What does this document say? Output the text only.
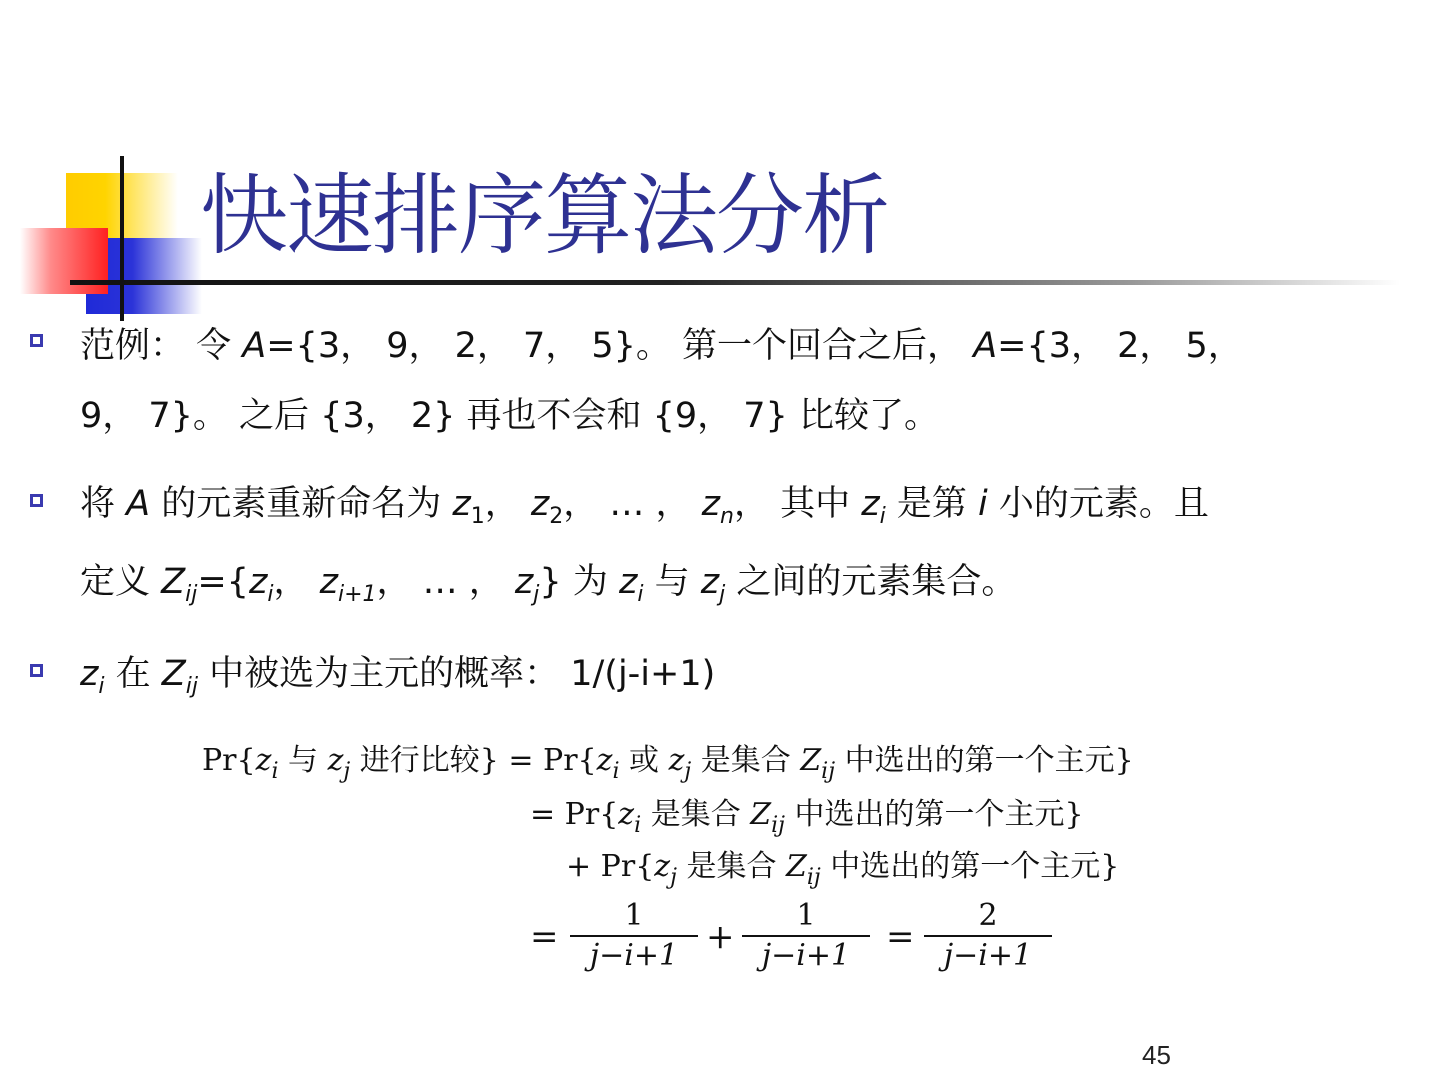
快速排序算法分析
范例： 令 A={3， 9， 2， 7， 5}。 第一个回合之后， A={3， 2， 5，
9， 7}。 之后 {3， 2} 再也不会和 {9， 7} 比较了。
将 A 的元素重新命名为 $z_1$， $z_2$， … ， $z_n$， 其中 $z_i$ 是第 i 小的元素。且
定义 $Z_{ij}=\{z_i$， $z_{i+1}$， … ， $z_j$} 为 $z_i$ 与 $z_j$ 之间的元素集合。
$z_i$ 在 $Z_{ij}$ 中被选为主元的概率： 1/(j-i+1)
$Pr\{z_i$ 与 $z_j$ 进行比较} = $Pr\{z_i$ 或 $z_j$ 是集合 $Z_{ij}$ 中选出的第一个主元}
= $Pr\{z_i$ 是集合 $Z_{ij}$ 中选出的第一个主元}
+ $Pr\{z_j$ 是集合 $Z_{ij}$ 中选出的第一个主元}
=
1
j−i+1 +
1
j−i+1	=
2
j−i+1
45
